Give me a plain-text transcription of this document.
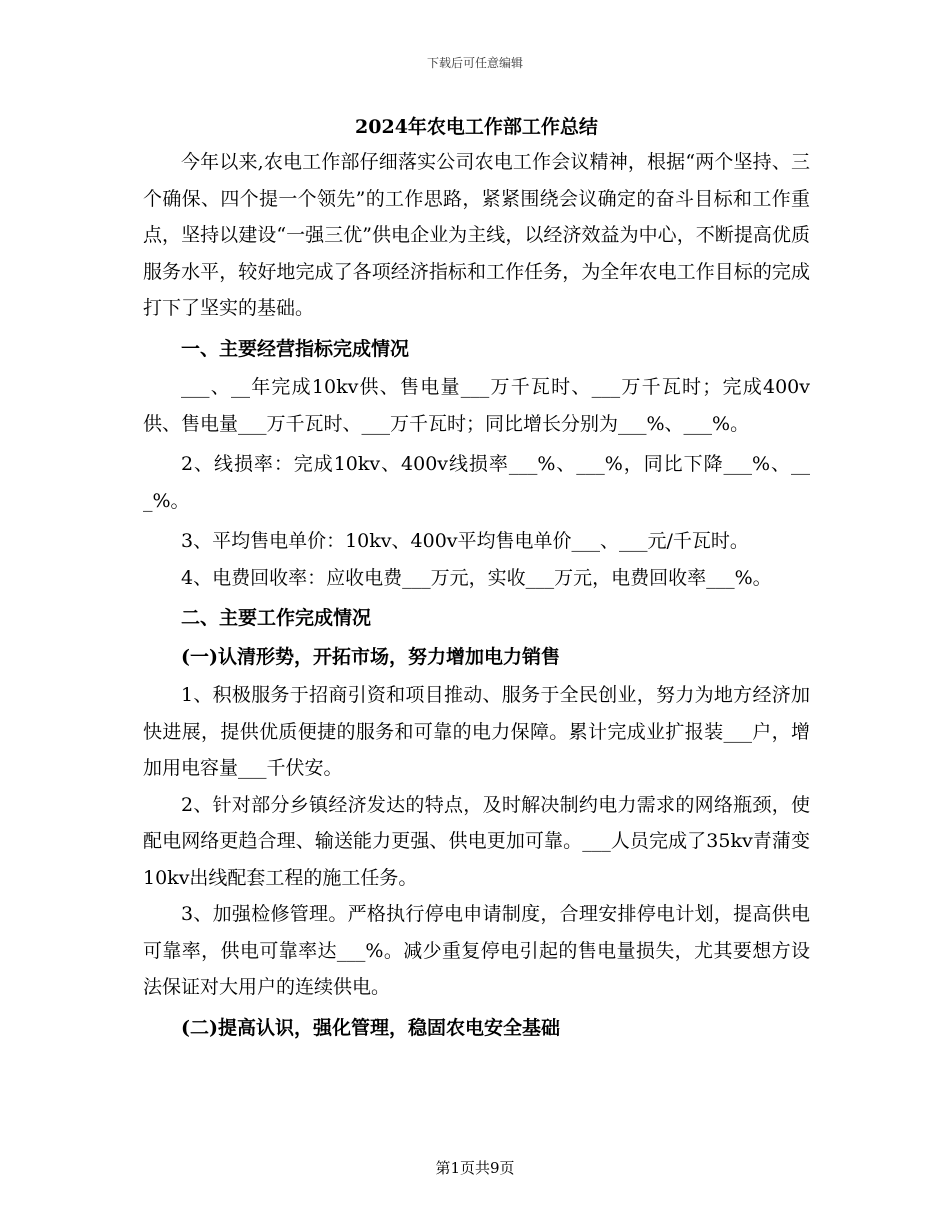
下载后可任意编辑
2024年农电工作部工作总结

今年以来,农电工作部仔细落实公司农电工作会议精神，根据“两个坚持、三个确保、四个提一个领先”的工作思路，紧紧围绕会议确定的奋斗目标和工作重点，坚持以建设“一强三优”供电企业为主线，以经济效益为中心，不断提高优质服务水平，较好地完成了各项经济指标和工作任务，为全年农电工作目标的完成打下了坚实的基础。

一、主要经营指标完成情况

___、__年完成10kv供、售电量___万千瓦时、___万千瓦时；完成400v供、售电量___万千瓦时、___万千瓦时；同比增长分别为___%、___%。

2、线损率：完成10kv、400v线损率___%、___%，同比下降___%、___%。

3、平均售电单价：10kv、400v平均售电单价___、___元/千瓦时。

4、电费回收率：应收电费___万元，实收___万元，电费回收率___%。

二、主要工作完成情况
(一)认清形势，开拓市场，努力增加电力销售

1、积极服务于招商引资和项目推动、服务于全民创业，努力为地方经济加快进展，提供优质便捷的服务和可靠的电力保障。累计完成业扩报装___户，增加用电容量___千伏安。

2、针对部分乡镇经济发达的特点，及时解决制约电力需求的网络瓶颈，使配电网络更趋合理、输送能力更强、供电更加可靠。___人员完成了35kv青蒲变10kv出线配套工程的施工任务。

3、加强检修管理。严格执行停电申请制度，合理安排停电计划，提高供电可靠率，供电可靠率达___%。减少重复停电引起的售电量损失，尤其要想方设法保证对大用户的连续供电。

(二)提高认识，强化管理，稳固农电安全基础
第1页共9页
